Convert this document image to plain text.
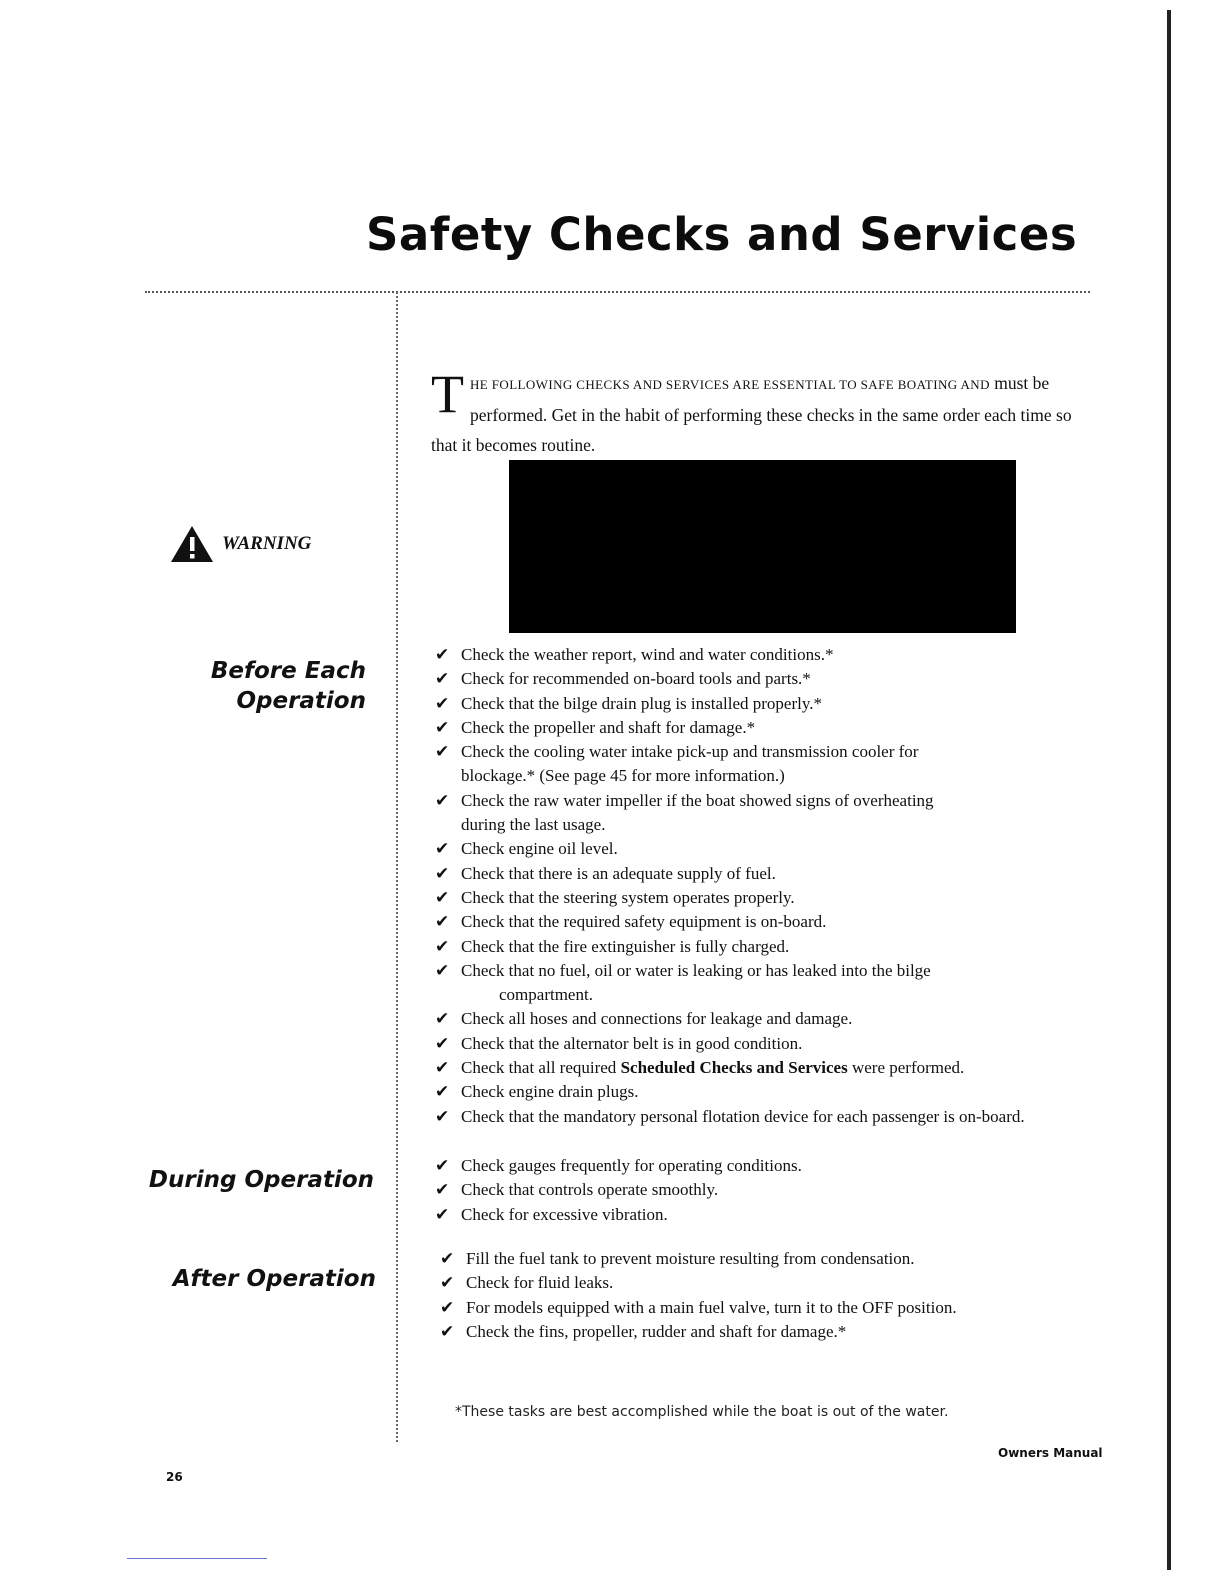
Safety Checks and Services
T HE FOLLOWING CHECKS AND SERVICES ARE ESSENTIAL TO SAFE BOATING AND must be performed. Get in the habit of performing these checks in the same order each time so that it becomes routine.
WARNING
Before Each Operation
During Operation
After Operation
✔ Check the weather report, wind and water conditions.*
✔ Check for recommended on-board tools and parts.*
✔ Check that the bilge drain plug is installed properly.*
✔ Check the propeller and shaft for damage.*
✔ Check the cooling water intake pick-up and transmission cooler for
blockage.* (See page 45 for more information.)
✔ Check the raw water impeller if the boat showed signs of overheating
during the last usage.
✔ Check engine oil level.
✔ Check that there is an adequate supply of fuel.
✔ Check that the steering system operates properly.
✔ Check that the required safety equipment is on-board.
✔ Check that the fire extinguisher is fully charged.
✔ Check that no fuel, oil or water is leaking or has leaked into the bilge
compartment.
✔ Check all hoses and connections for leakage and damage.
✔ Check that the alternator belt is in good condition.
✔ Check that all required Scheduled Checks and Services were performed.
✔ Check engine drain plugs.
✔ Check that the mandatory personal flotation device for each passenger is on-board.
✔ Check gauges frequently for operating conditions.
✔ Check that controls operate smoothly.
✔ Check for excessive vibration.
✔ Fill the fuel tank to prevent moisture resulting from condensation.
✔ Check for fluid leaks.
✔ For models equipped with a main fuel valve, turn it to the OFF position.
✔ Check the fins, propeller, rudder and shaft for damage.*
*These tasks are best accomplished while the boat is out of the water.
Owners Manual
26
